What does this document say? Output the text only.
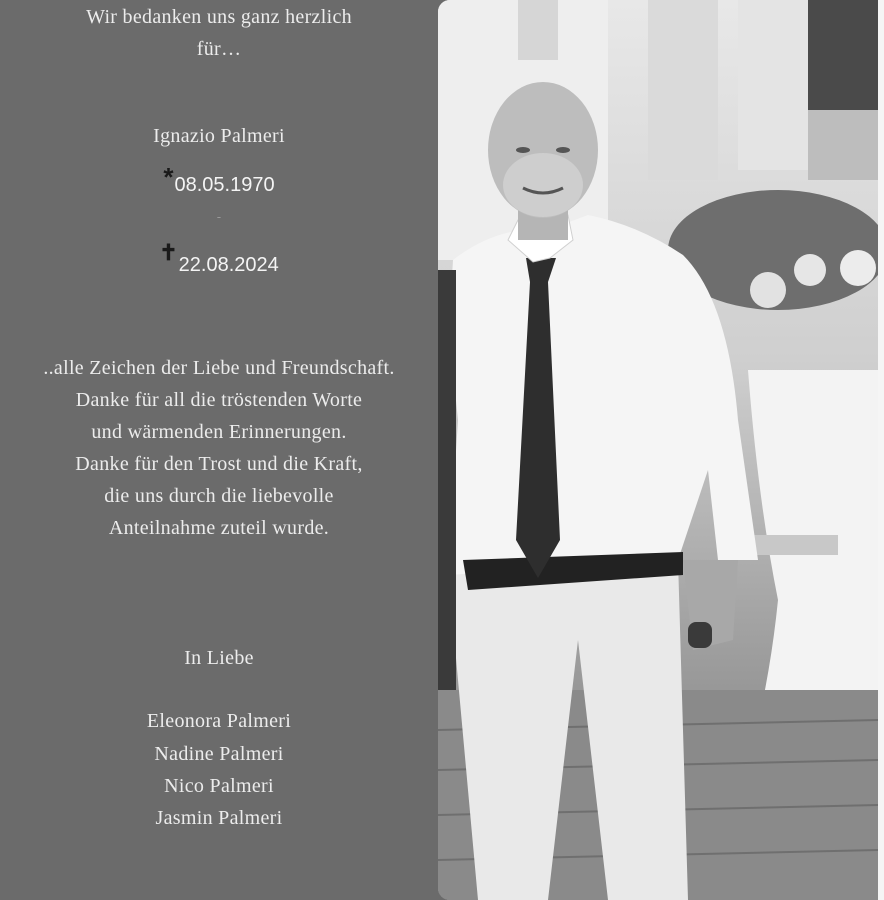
Wir bedanken uns ganz herzlich
für…
Ignazio Palmeri
*08.05.1970
-
✝22.08.2024
..alle Zeichen der Liebe und Freundschaft.
Danke für all die tröstenden Worte
und wärmenden Erinnerungen.
Danke für den Trost und die Kraft,
die uns durch die liebevolle
Anteilnahme zuteil wurde.
In Liebe
Eleonora Palmeri
Nadine Palmeri
Nico Palmeri
Jasmin Palmeri
